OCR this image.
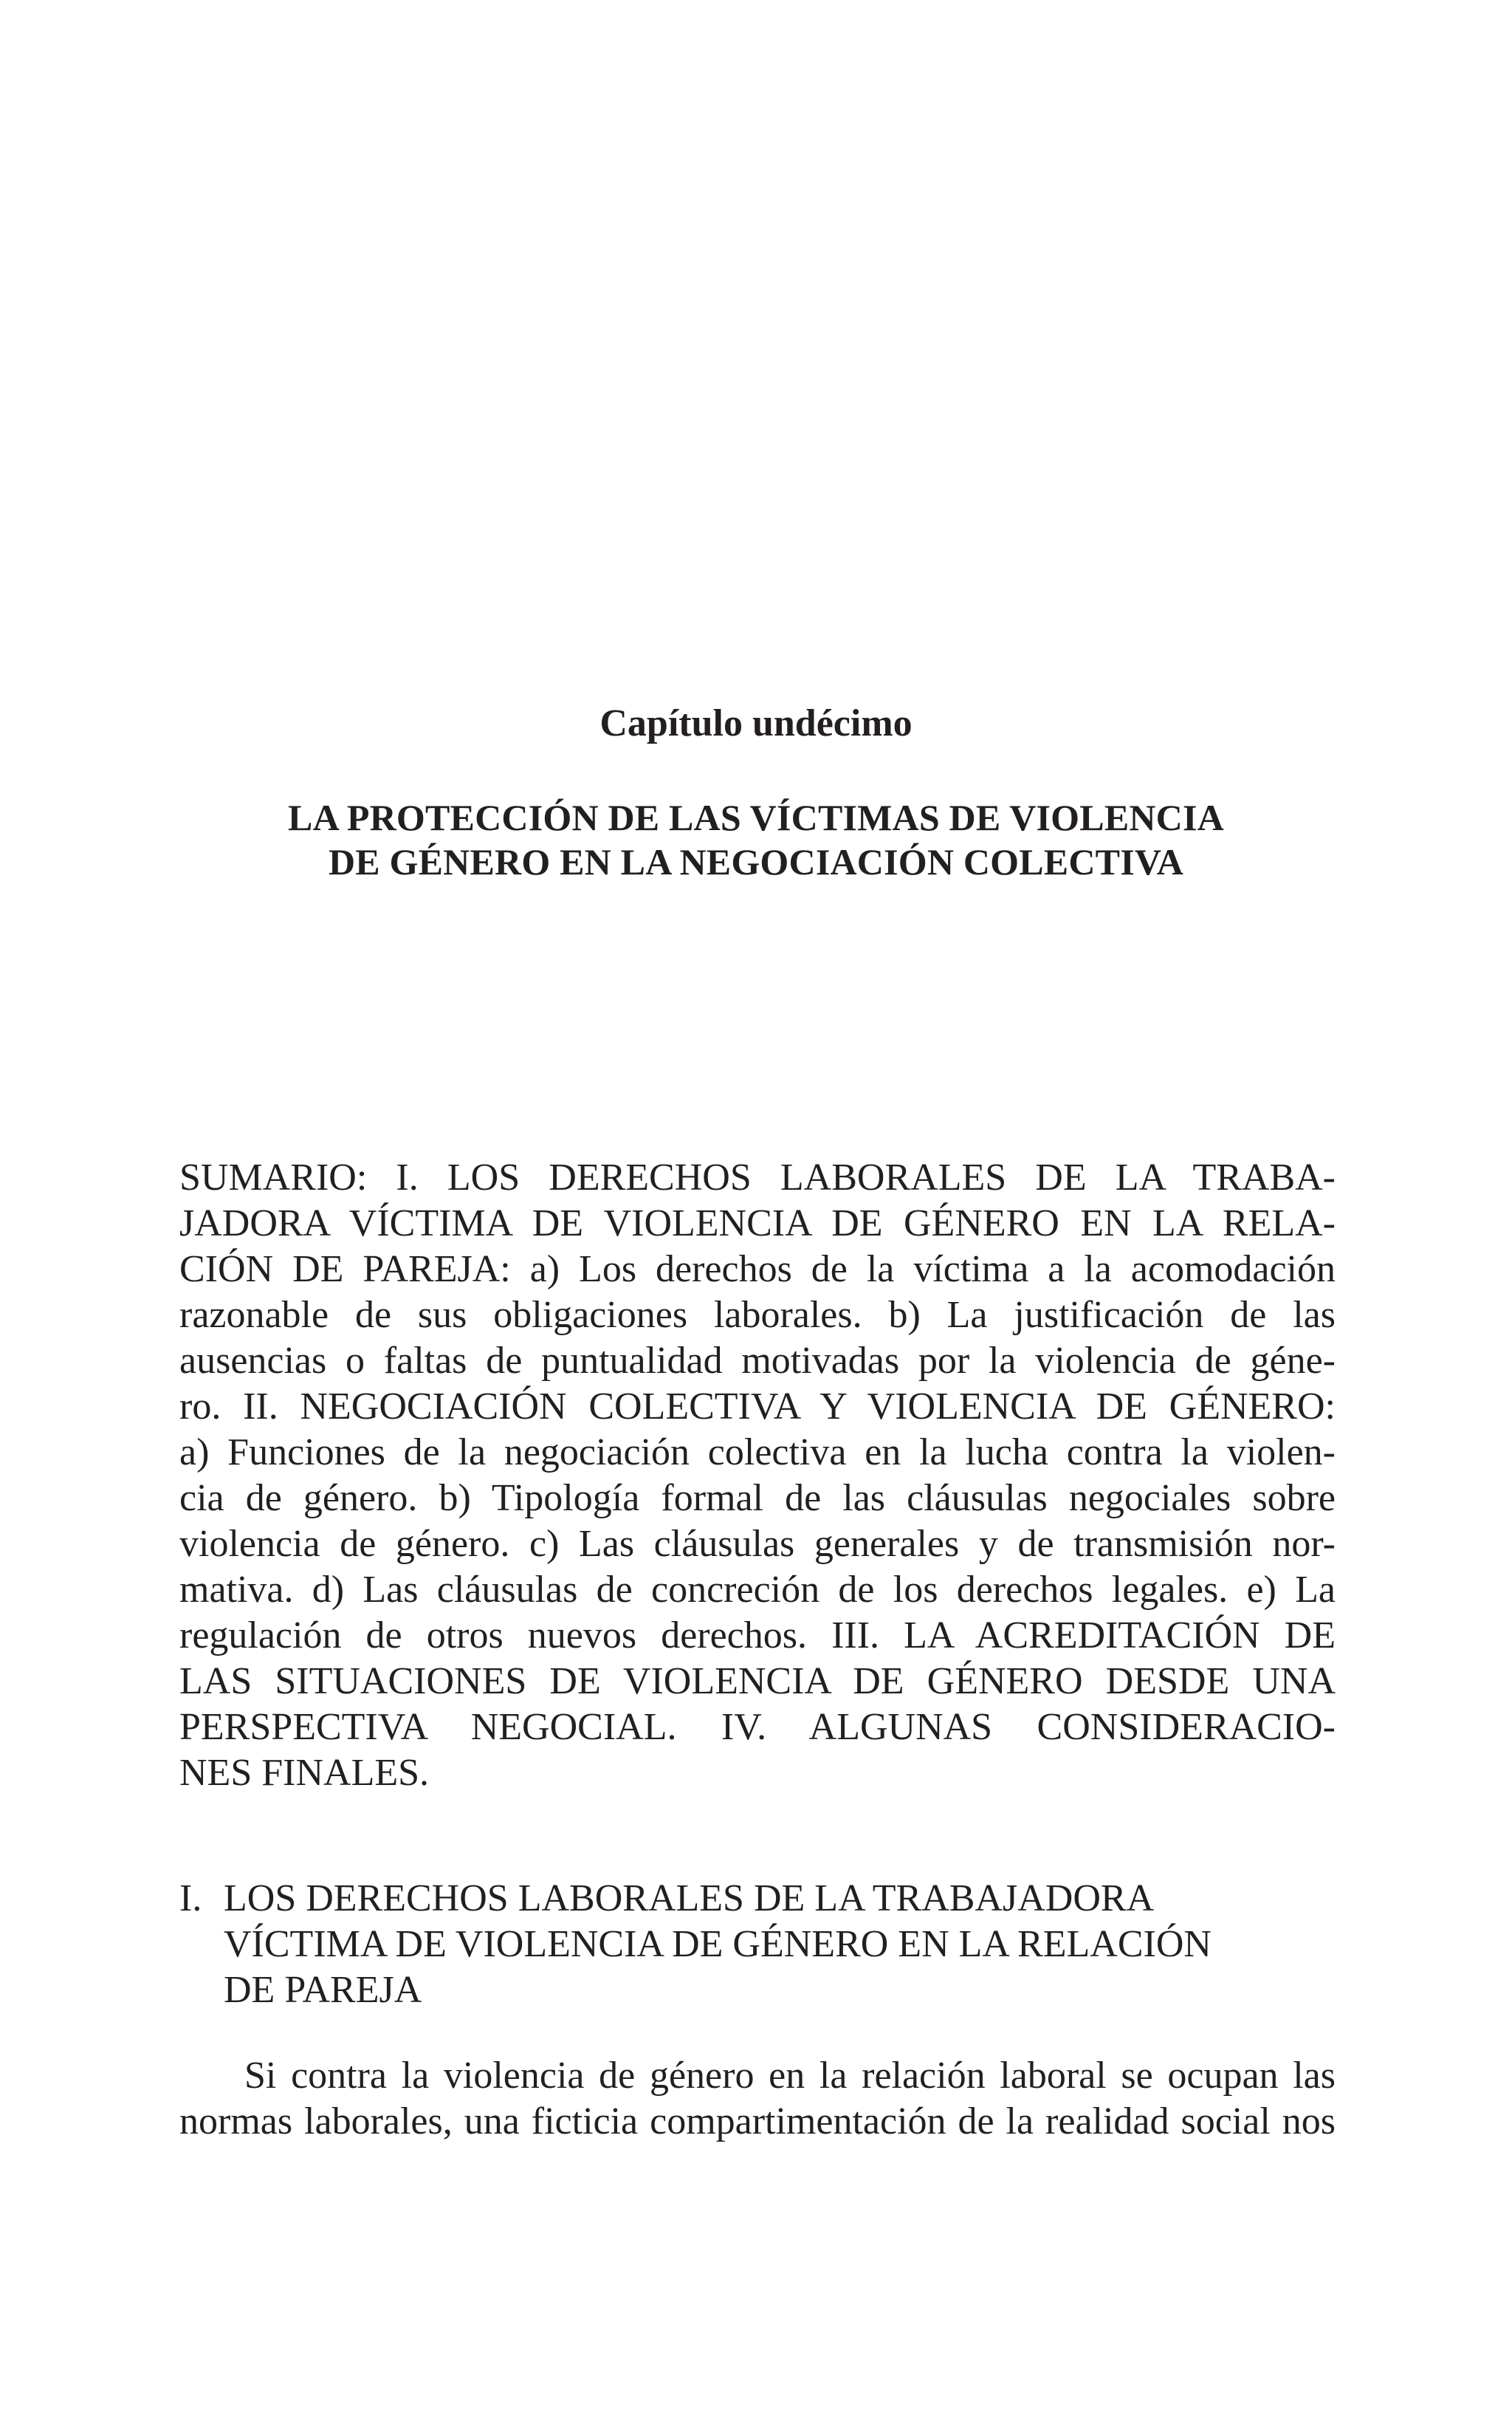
Capítulo undécimo
LA PROTECCIÓN DE LAS VÍCTIMAS DE VIOLENCIA
DE GÉNERO EN LA NEGOCIACIÓN COLECTIVA
SUMARIO: I. LOS DERECHOS LABORALES DE LA TRABA-
JADORA VÍCTIMA DE VIOLENCIA DE GÉNERO EN LA RELA-
CIÓN DE PAREJA: a) Los derechos de la víctima a la acomodación
razonable de sus obligaciones laborales. b) La justificación de las
ausencias o faltas de puntualidad motivadas por la violencia de géne-
ro. II. NEGOCIACIÓN COLECTIVA Y VIOLENCIA DE GÉNERO:
a) Funciones de la negociación colectiva en la lucha contra la violen-
cia de género. b) Tipología formal de las cláusulas negociales sobre
violencia de género. c) Las cláusulas generales y de transmisión nor-
mativa. d) Las cláusulas de concreción de los derechos legales. e) La
regulación de otros nuevos derechos. III. LA ACREDITACIÓN DE
LAS SITUACIONES DE VIOLENCIA DE GÉNERO DESDE UNA
PERSPECTIVA NEGOCIAL. IV. ALGUNAS CONSIDERACIO-
NES FINALES.
I. LOS DERECHOS LABORALES DE LA TRABAJADORA
VÍCTIMA DE VIOLENCIA DE GÉNERO EN LA RELACIÓN
DE PAREJA
Si contra la violencia de género en la relación laboral se ocupan las
normas laborales, una ficticia compartimentación de la realidad social nos
